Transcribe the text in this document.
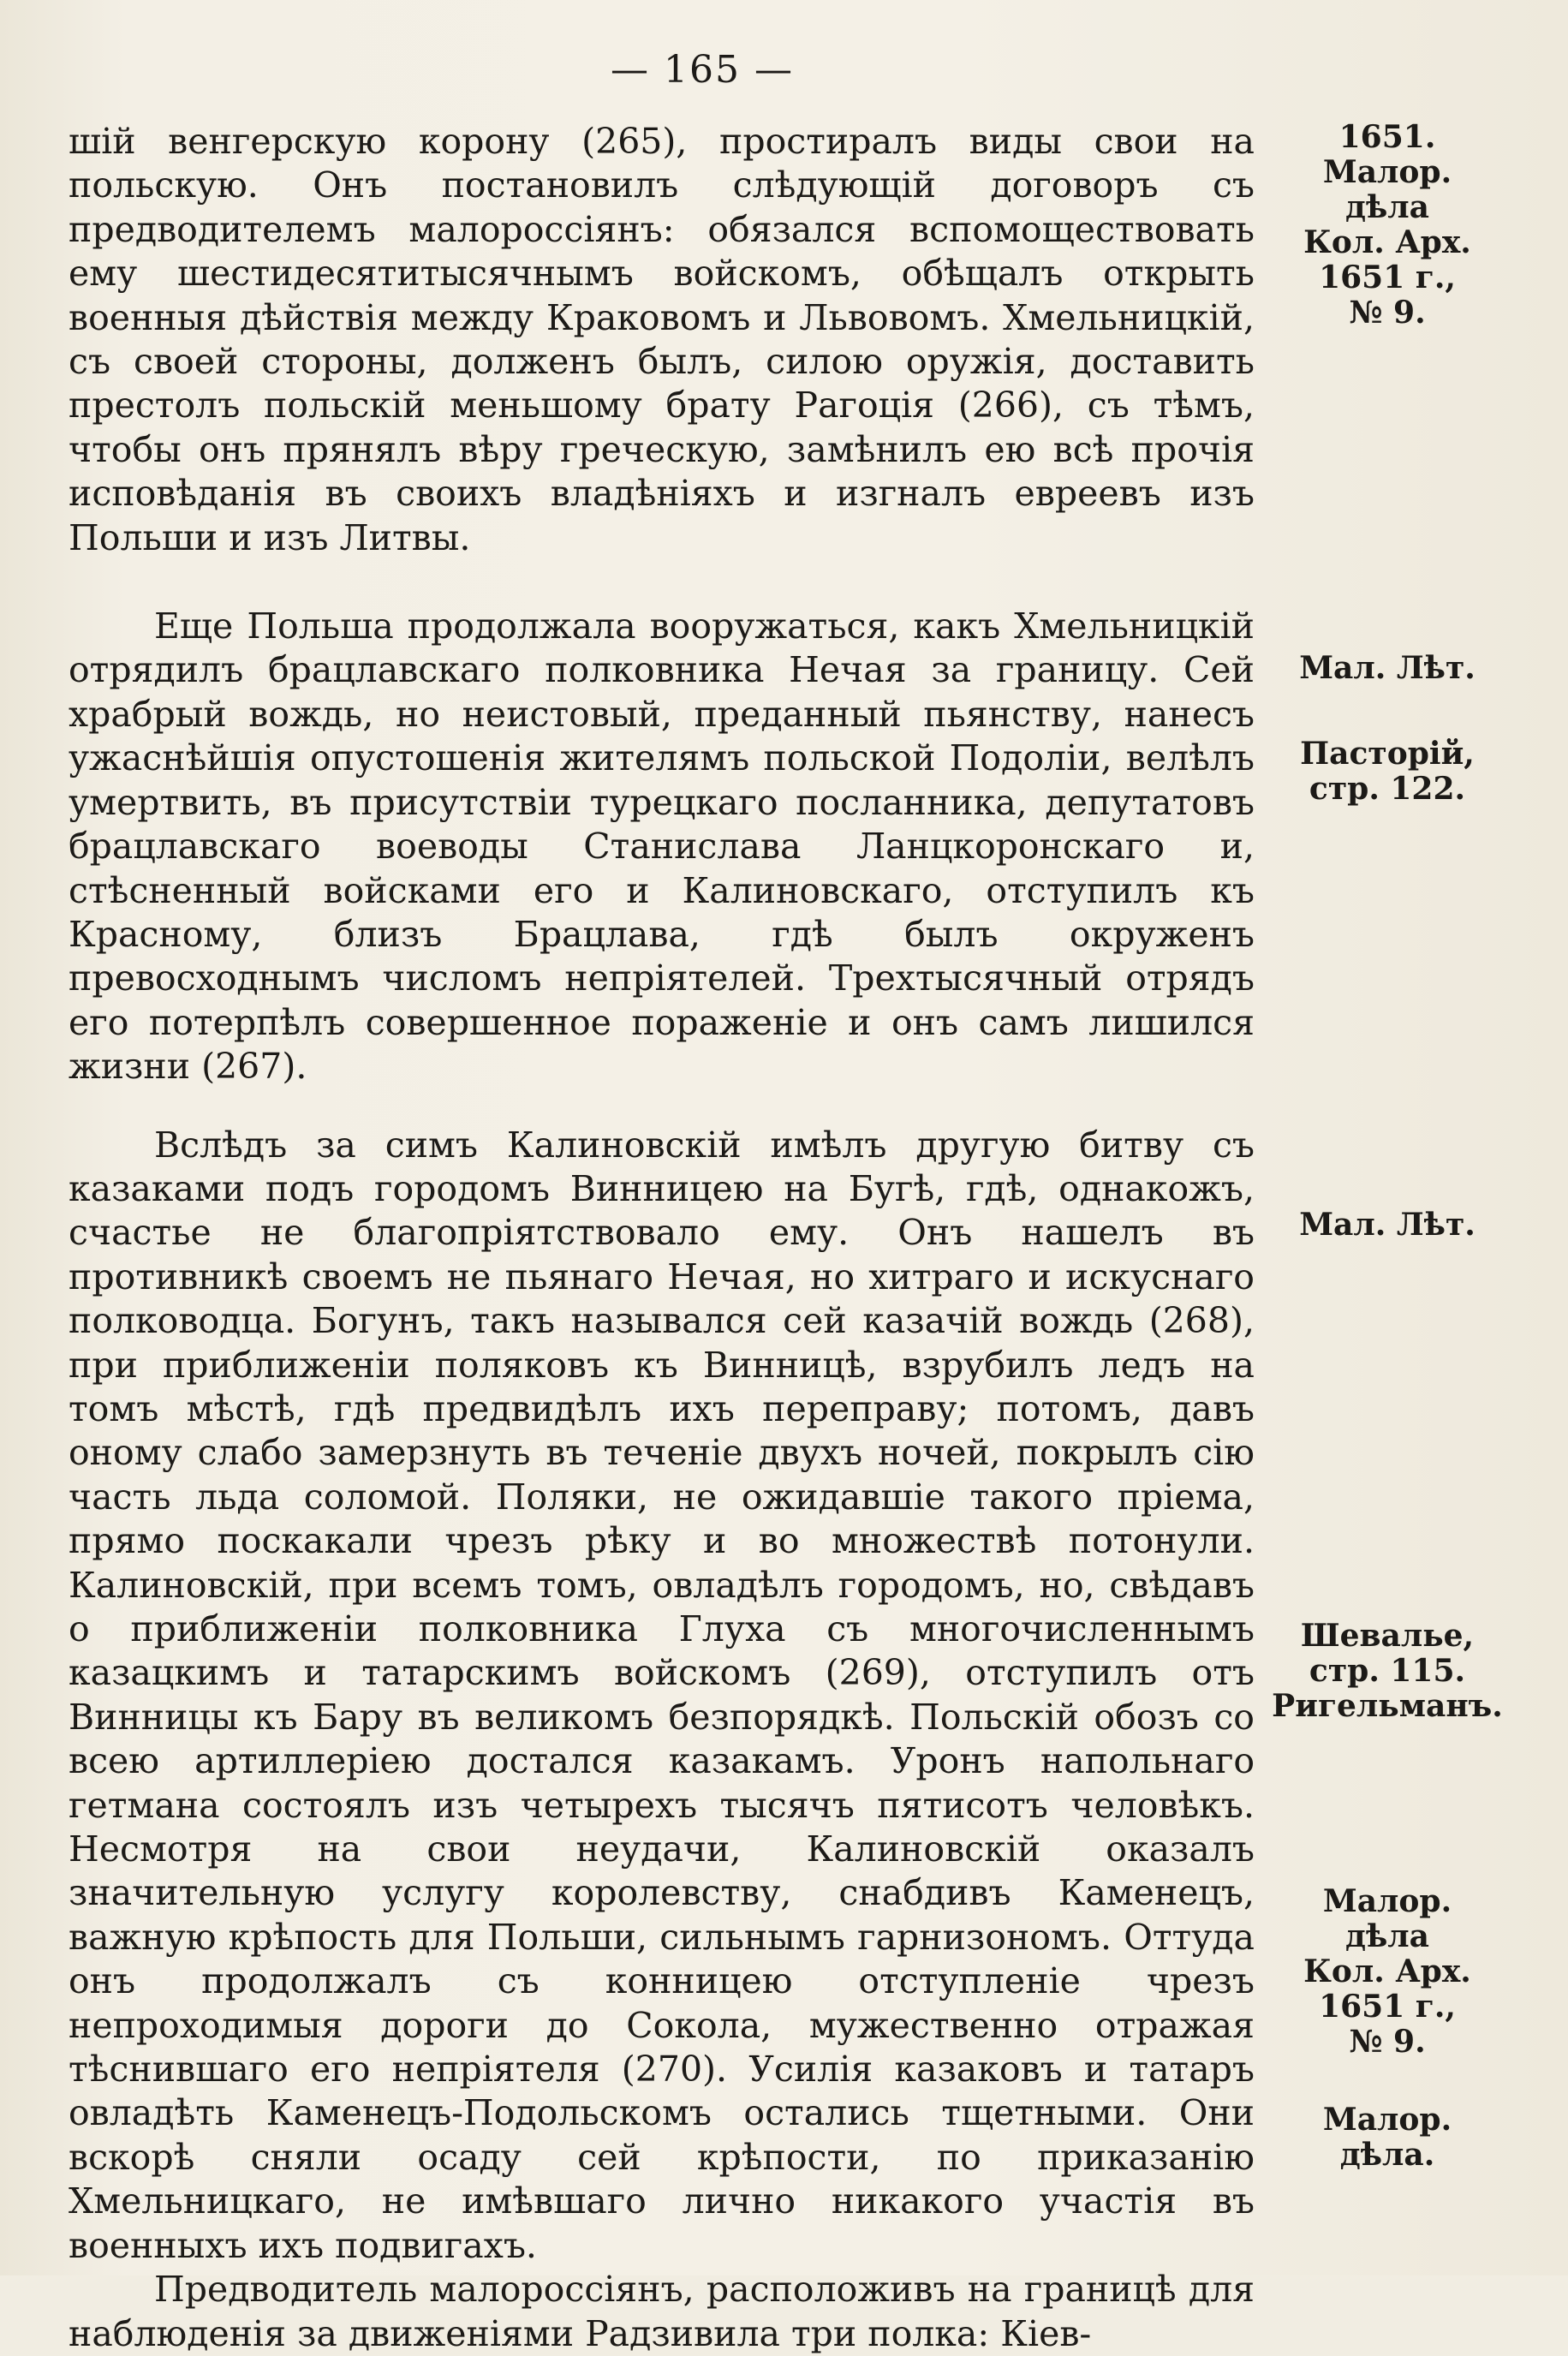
— 165 —

шій венгерскую корону (265), простиралъ виды свои на польскую. Онъ постановилъ слѣдующій договоръ съ предводителемъ малороссіянъ: обязался вспомоществовать ему шестидесятитысячнымъ войскомъ, обѣщалъ открыть военныя дѣйствія между Краковомъ и Львовомъ. Хмельницкій, съ своей стороны, долженъ былъ, силою оружія, доставить престолъ польскій меньшому брату Рагоція (266), съ тѣмъ, чтобы онъ прянялъ вѣру греческую, замѣнилъ ею всѣ прочія исповѣданія въ своихъ владѣніяхъ и изгналъ евреевъ изъ Польши и изъ Литвы.

Еще Польша продолжала вооружаться, какъ Хмельницкій отрядилъ брацлавскаго полковника Нечая за границу. Сей храбрый вождь, но неистовый, преданный пьянству, нанесъ ужаснѣйшія опустошенія жителямъ польской Подоліи, велѣлъ умертвить, въ присутствіи турецкаго посланника, депутатовъ брацлавскаго воеводы Станислава Ланцкоронскаго и, стѣсненный войсками его и Калиновскаго, отступилъ къ Красному, близъ Брацлава, гдѣ былъ окруженъ превосходнымъ числомъ непріятелей. Трехтысячный отрядъ его потерпѣлъ совершенное пораженіе и онъ самъ лишился жизни (267).

Вслѣдъ за симъ Калиновскій имѣлъ другую битву съ казаками подъ городомъ Винницею на Бугѣ, гдѣ, однакожъ, счастье не благопріятствовало ему. Онъ нашелъ въ противникѣ своемъ не пьянаго Нечая, но хитраго и искуснаго полководца. Богунъ, такъ назывался сей казачій вождь (268), при приближеніи поляковъ къ Винницѣ, взрубилъ ледъ на томъ мѣстѣ, гдѣ предвидѣлъ ихъ переправу; потомъ, давъ оному слабо замерзнуть въ теченіе двухъ ночей, покрылъ сію часть льда соломой. Поляки, не ожидавшіе такого пріема, прямо поскакали чрезъ рѣку и во множествѣ потонули. Калиновскій, при всемъ томъ, овладѣлъ городомъ, но, свѣдавъ о приближеніи полковника Глуха съ многочисленнымъ казацкимъ и татарскимъ войскомъ (269), отступилъ отъ Винницы къ Бару въ великомъ безпорядкѣ. Польскій обозъ со всею артиллеріею достался казакамъ. Уронъ напольнаго гетмана состоялъ изъ четырехъ тысячъ пятисотъ человѣкъ. Несмотря на свои неудачи, Калиновскій оказалъ значительную услугу королевству, снабдивъ Каменецъ, важную крѣпость для Польши, сильнымъ гарнизономъ. Оттуда онъ продолжалъ съ конницею отступленіе чрезъ непроходимыя дороги до Сокола, мужественно отражая тѣснившаго его непріятеля (270). Усилія казаковъ и татаръ овладѣть Каменецъ-Подольскомъ остались тщетными. Они вскорѣ сняли осаду сей крѣпости, по приказанію Хмельницкаго, не имѣвшаго лично никакого участія въ военныхъ ихъ подвигахъ.

Предводитель малороссіянъ, расположивъ на границѣ для наблюденія за движеніями Радзивила три полка: Кiев-

1651.
Малор.
дѣла
Кол. Арх.
1651 г.,
№ 9.
Мал. Лѣт.
Пасторій,
стр. 122.
Мал. Лѣт.
Шевалье,
стр. 115.
Ригельманъ.
Малор.
дѣла
Кол. Арх.
1651 г.,
№ 9.
Малор.
дѣла.
